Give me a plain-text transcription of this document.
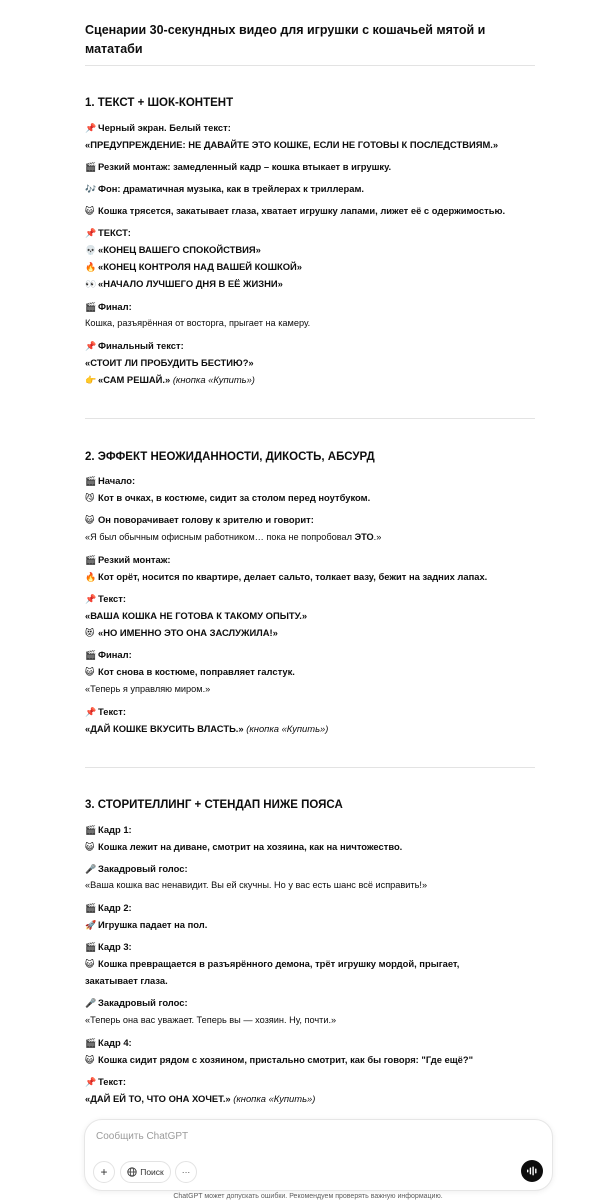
Сценарии 30-секундных видео для игрушки с кошачьей мятой и мататаби
1. ТЕКСТ + ШОК-КОНТЕНТ
📌 Черный экран. Белый текст:
«ПРЕДУПРЕЖДЕНИЕ: НЕ ДАВАЙТЕ ЭТО КОШКЕ, ЕСЛИ НЕ ГОТОВЫ К ПОСЛЕДСТВИЯМ.»
🎬 Резкий монтаж: замедленный кадр – кошка втыкает в игрушку.
🎶 Фон: драматичная музыка, как в трейлерах к триллерам.
😺 Кошка трясется, закатывает глаза, хватает игрушку лапами, лижет её с одержимостью.
📌 ТЕКСТ:
💀 «КОНЕЦ ВАШЕГО СПОКОЙСТВИЯ»
🔥 «КОНЕЦ КОНТРОЛЯ НАД ВАШЕЙ КОШКОЙ»
👀 «НАЧАЛО ЛУЧШЕГО ДНЯ В ЕЁ ЖИЗНИ»
🎬 Финал:
Кошка, разъярённая от восторга, прыгает на камеру.
📌 Финальный текст:
«СТОИТ ЛИ ПРОБУДИТЬ БЕСТИЮ?»
👉 «САМ РЕШАЙ.» (кнопка «Купить»)
2. ЭФФЕКТ НЕОЖИДАННОСТИ, ДИКОСТЬ, АБСУРД
🎬 Начало:
😼 Кот в очках, в костюме, сидит за столом перед ноутбуком.
😺 Он поворачивает голову к зрителю и говорит:
«Я был обычным офисным работником… пока не попробовал ЭТО.»
🎬 Резкий монтаж:
🔥 Кот орёт, носится по квартире, делает сальто, толкает вазу, бежит на задних лапах.
📌 Текст:
«ВАША КОШКА НЕ ГОТОВА К ТАКОМУ ОПЫТУ.»
😻 «НО ИМЕННО ЭТО ОНА ЗАСЛУЖИЛА!»
🎬 Финал:
😺 Кот снова в костюме, поправляет галстук.
«Теперь я управляю миром.»
📌 Текст:
«ДАЙ КОШКЕ ВКУСИТЬ ВЛАСТЬ.» (кнопка «Купить»)
3. СТОРИТЕЛЛИНГ + СТЕНДАП НИЖЕ ПОЯСА
🎬 Кадр 1:
😺 Кошка лежит на диване, смотрит на хозяина, как на ничтожество.
🎤 Закадровый голос:
«Ваша кошка вас ненавидит. Вы ей скучны. Но у вас есть шанс всё исправить!»
🎬 Кадр 2:
🚀 Игрушка падает на пол.
🎬 Кадр 3:
😺 Кошка превращается в разъярённого демона, трёт игрушку мордой, прыгает,
закатывает глаза.
🎤 Закадровый голос:
«Теперь она вас уважает. Теперь вы — хозяин. Ну, почти.»
🎬 Кадр 4:
😺 Кошка сидит рядом с хозяином, пристально смотрит, как бы говоря: "Где ещё?"
📌 Текст:
«ДАЙ ЕЙ ТО, ЧТО ОНА ХОЧЕТ.» (кнопка «Купить»)
Сообщить ChatGPT
+	Поиск ···
ChatGPT может допускать ошибки. Рекомендуем проверять важную информацию.
